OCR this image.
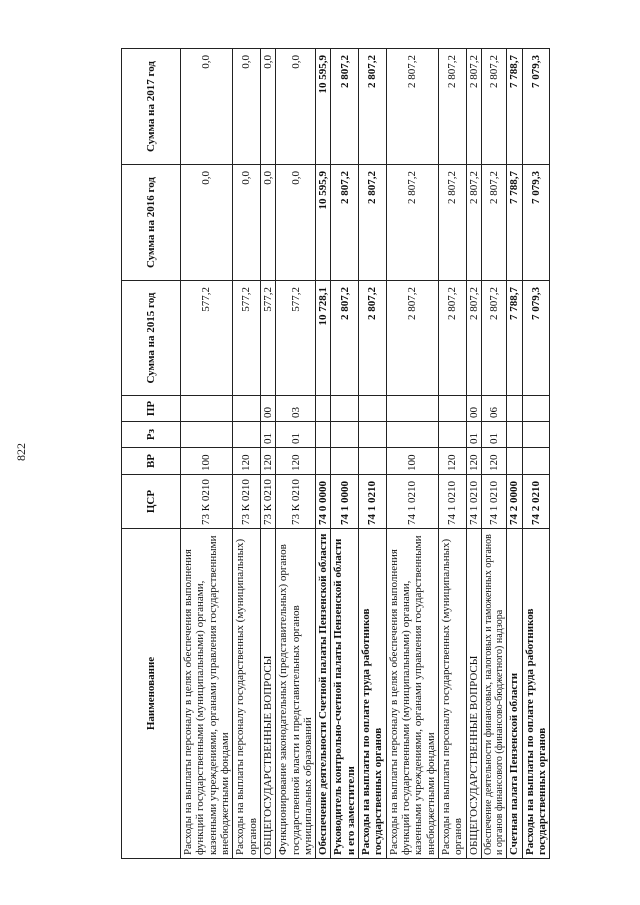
822
Наименование	ЦСР	ВР	Рз	ПР	Сумма на 2015 год	Сумма на 2016 год	Сумма на 2017 год
Расходы на выплаты персоналу в целях обеспечения выполнения функций государственными (муниципальными) органами, казенными учреждениями, органами управления государственными внебюджетными фондами	73 К 0210	100			577,2	0,0	0,0
Расходы на выплаты персоналу государственных (муниципальных) органов	73 К 0210	120			577,2	0,0	0,0
ОБЩЕГОСУДАРСТВЕННЫЕ ВОПРОСЫ	73 К 0210	120	01	00	577,2	0,0	0,0
Функционирование законодательных (представительных) органов государственной власти и представительных органов муниципальных образований	73 К 0210	120	01	03	577,2	0,0	0,0
Обеспечение деятельности Счетной палаты Пензенской области	74 0 0000				10 728,1	10 595,9	10 595,9
Руководитель контрольно-счетной палаты Пензенской области и его заместители	74 1 0000				2 807,2	2 807,2	2 807,2
Расходы на выплаты по оплате труда работников государственных органов	74 1 0210				2 807,2	2 807,2	2 807,2
Расходы на выплаты персоналу в целях обеспечения выполнения функций государственными (муниципальными) органами, казенными учреждениями, органами управления государственными внебюджетными фондами	74 1 0210	100			2 807,2	2 807,2	2 807,2
Расходы на выплаты персоналу государственных (муниципальных) органов	74 1 0210	120			2 807,2	2 807,2	2 807,2
ОБЩЕГОСУДАРСТВЕННЫЕ ВОПРОСЫ	74 1 0210	120	01	00	2 807,2	2 807,2	2 807,2
Обеспечение деятельности финансовых, налоговых и таможенных органов и органов финансового (финансово-бюджетного) надзора	74 1 0210	120	01	06	2 807,2	2 807,2	2 807,2
Счетная палата Пензенской области	74 2 0000				7 788,7	7 788,7	7 788,7
Расходы на выплаты по оплате труда работников государственных органов	74 2 0210				7 079,3	7 079,3	7 079,3
